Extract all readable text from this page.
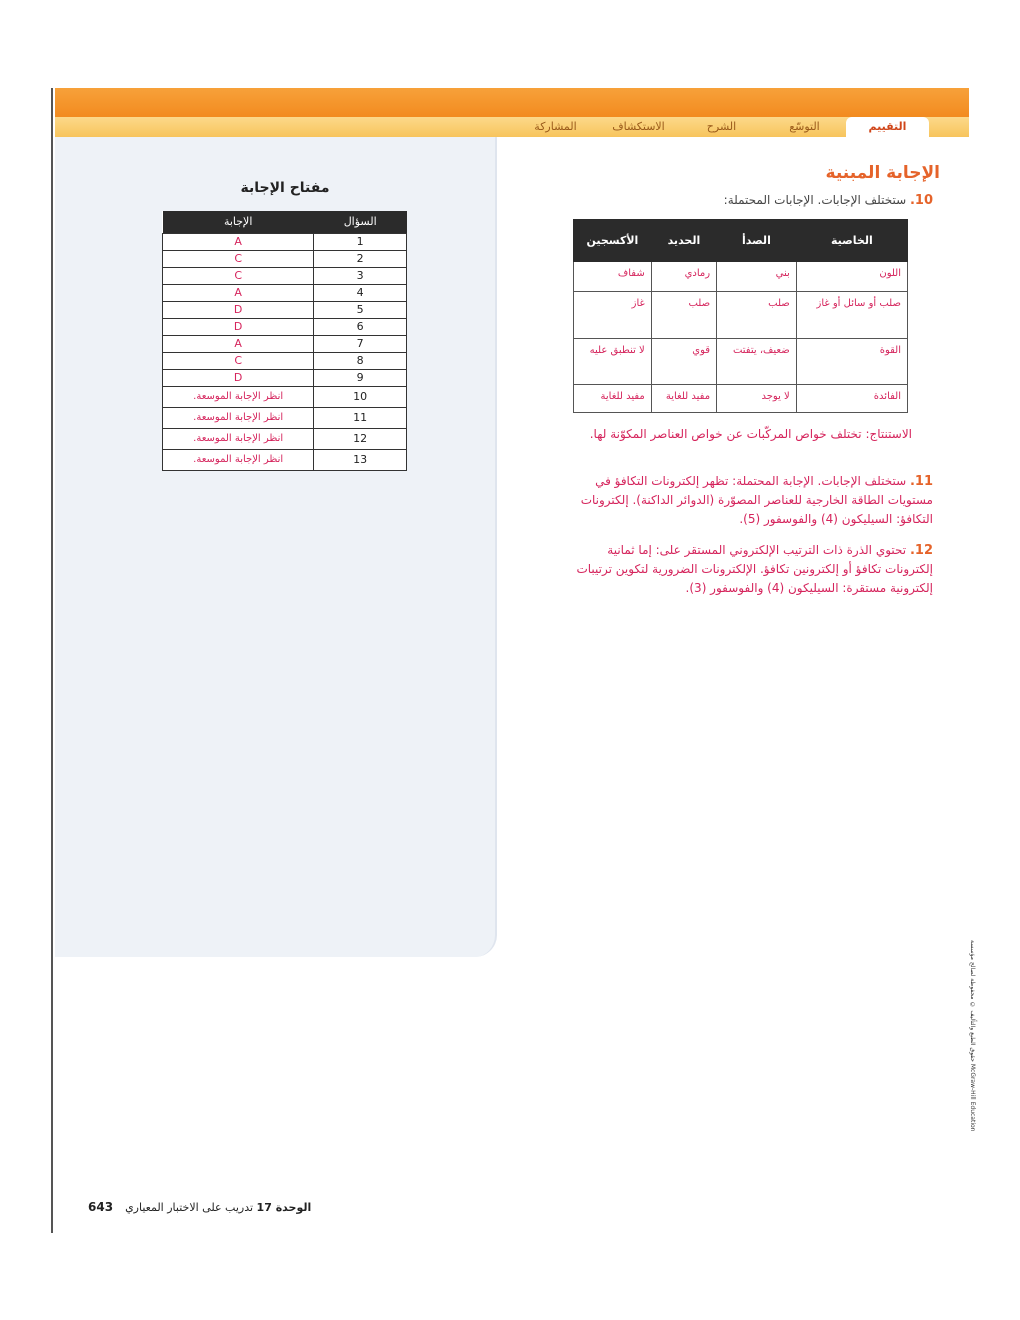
المشاركة	الاستكشاف	الشرح	التوسّع	التقييم
مفتاح الإجابة
الإجابة	السؤال
A	1
C	2
C	3
A	4
D	5
D	6
A	7
C	8
D	9
انظر الإجابة الموسعة.	10
انظر الإجابة الموسعة.	11
انظر الإجابة الموسعة.	12
انظر الإجابة الموسعة.	13
الإجابة المبنية
10. ستختلف الإجابات. الإجابات المحتملة:
الخاصية	الصدأ	الحديد	الأكسجين
اللون	بني	رمادي	شفاف
صلب أو سائل أو غاز	صلب	صلب	غاز
القوة	ضعيف، يتفتت	قوي	لا تنطبق عليه
الفائدة	لا يوجد	مفيد للغاية	مفيد للغاية
الاستنتاج: تختلف خواص المركّبات عن خواص العناصر المكوّنة لها.
11. ستختلف الإجابات. الإجابة المحتملة: تظهر إلكترونات التكافؤ في مستويات الطاقة الخارجية للعناصر المصوّرة (الدوائر الداكنة). إلكترونات التكافؤ: السيليكون (4) والفوسفور (5).
12. تحتوي الذرة ذات الترتيب الإلكتروني المستقر على: إما ثمانية إلكترونات تكافؤ أو إلكترونين تكافؤ. الإلكترونات الضرورية لتكوين ترتيبات إلكترونية مستقرة: السيليكون (4) والفوسفور (3).
حقوق الطبع والتأليف © محفوظة لصالح مؤسسة McGraw-Hill Education
643	الوحدة 17 تدريب على الاختبار المعياري
